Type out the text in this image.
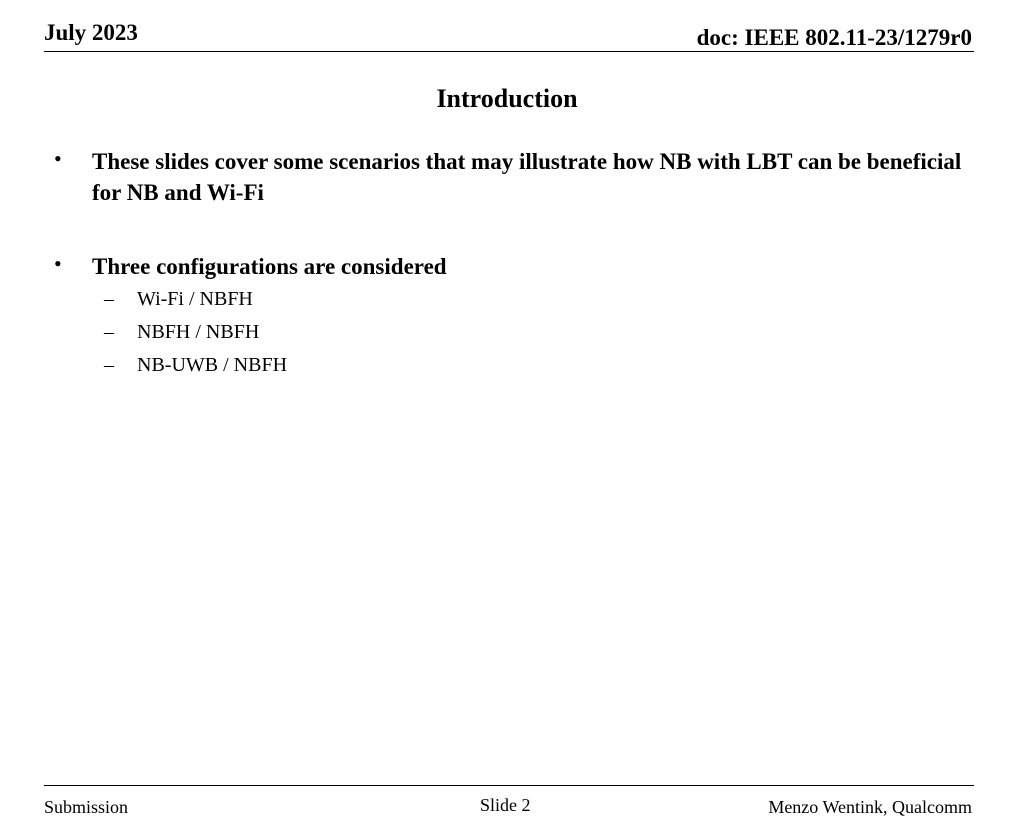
July 2023	doc: IEEE 802.11-23/1279r0
Introduction
• These slides cover some scenarios that may illustrate how NB with LBT can be beneficial for NB and Wi-Fi
• Three configurations are considered
– Wi-Fi / NBFH
– NBFH / NBFH
– NB-UWB / NBFH
Submission	Slide 2	Menzo Wentink, Qualcomm
